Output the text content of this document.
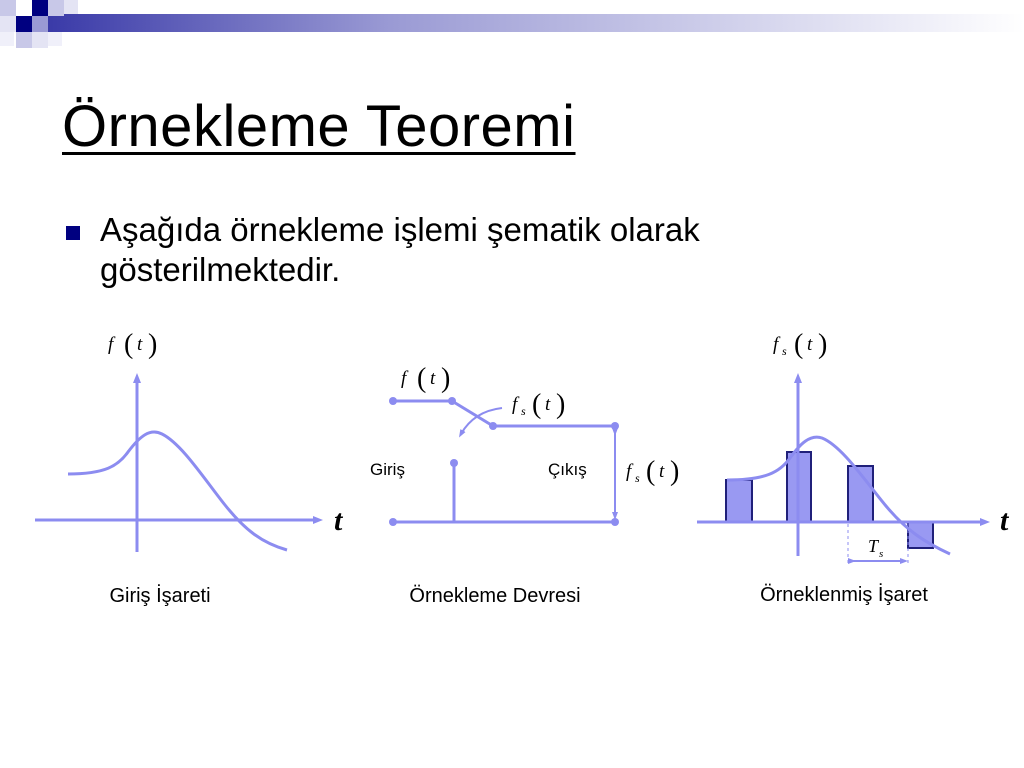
Örnekleme Teoremi
Aşağıda örnekleme işlemi şematik olarak gösterilmektedir.
f ( t )
t
Giriş İşareti
f ( t )
f s ( t )
Giriş	Çıkış f s ( t )
Örnekleme Devresi
T s
f s ( t )
t
Örneklenmiş İşaret
